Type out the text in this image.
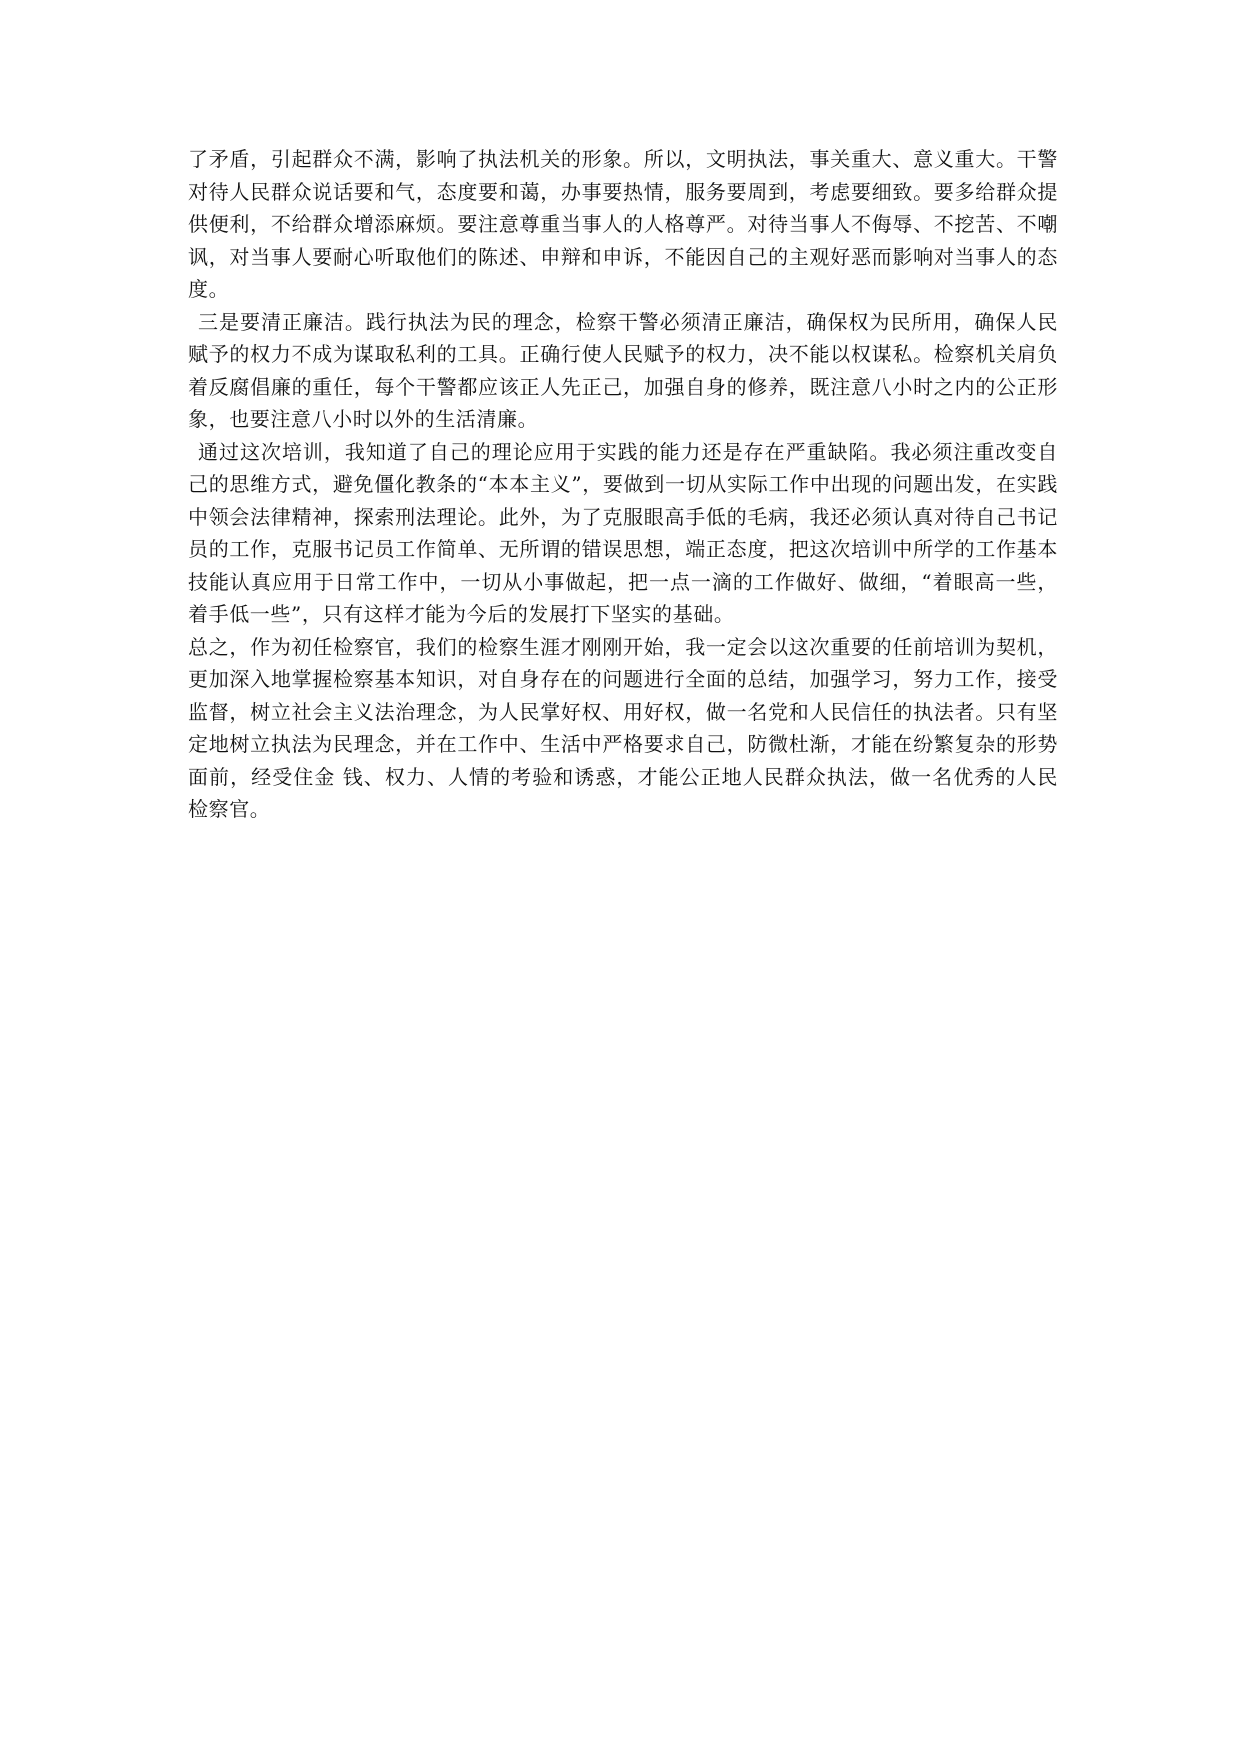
了矛盾，引起群众不满，影响了执法机关的形象。所以，文明执法，事关重大、意义重大。干警对待人民群众说话要和气，态度要和蔼，办事要热情，服务要周到，考虑要细致。要多给群众提供便利，不给群众增添麻烦。要注意尊重当事人的人格尊严。对待当事人不侮辱、不挖苦、不嘲讽，对当事人要耐心听取他们的陈述、申辩和申诉，不能因自己的主观好恶而影响对当事人的态度。

三是要清正廉洁。践行执法为民的理念，检察干警必须清正廉洁，确保权为民所用，确保人民赋予的权力不成为谋取私利的工具。正确行使人民赋予的权力，决不能以权谋私。检察机关肩负着反腐倡廉的重任，每个干警都应该正人先正己，加强自身的修养，既注意八小时之内的公正形象，也要注意八小时以外的生活清廉。

通过这次培训，我知道了自己的理论应用于实践的能力还是存在严重缺陷。我必须注重改变自己的思维方式，避免僵化教条的“本本主义”，要做到一切从实际工作中出现的问题出发，在实践中领会法律精神，探索刑法理论。此外，为了克服眼高手低的毛病，我还必须认真对待自己书记员的工作，克服书记员工作简单、无所谓的错误思想，端正态度，把这次培训中所学的工作基本技能认真应用于日常工作中，一切从小事做起，把一点一滴的工作做好、做细，“着眼高一些，着手低一些”，只有这样才能为今后的发展打下坚实的基础。

总之，作为初任检察官，我们的检察生涯才刚刚开始，我一定会以这次重要的任前培训为契机，更加深入地掌握检察基本知识，对自身存在的问题进行全面的总结，加强学习，努力工作，接受监督，树立社会主义法治理念，为人民掌好权、用好权，做一名党和人民信任的执法者。只有坚定地树立执法为民理念，并在工作中、生活中严格要求自己，防微杜渐，才能在纷繁复杂的形势面前，经受住金 钱、权力、人情的考验和诱惑，才能公正地人民群众执法，做一名优秀的人民检察官。
